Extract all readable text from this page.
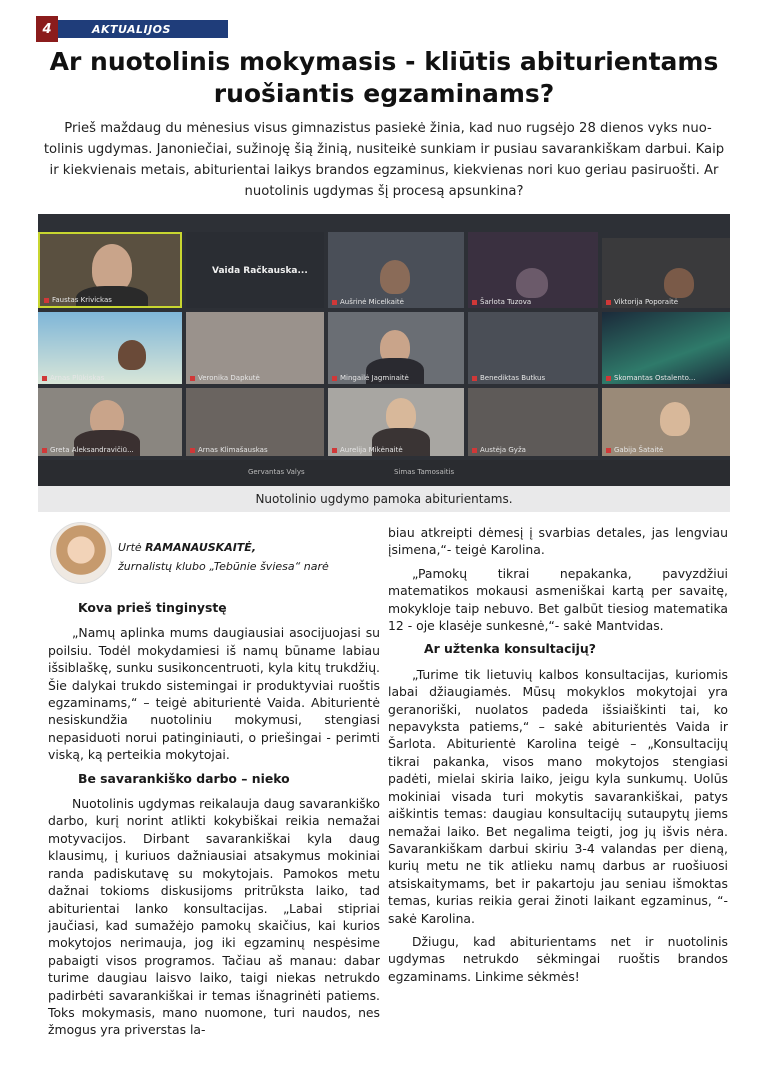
4	AKTUALIJOS
Ar nuotolinis mokymasis - kliūtis abiturientams
ruošiantis egzaminams?
Prieš maždaug du mėnesius visus gimnazistus pasiekė žinia, kad nuo rugsėjo 28 dienos vyks nuo-
tolinis ugdymas. Janoniečiai, sužinoję šią žinią, nusiteikė sunkiam ir pusiau savarankiškam darbui. Kaip
ir kiekvienais metais, abiturientai laikys brandos egzaminus, kiekvienas nori kuo geriau pasiruošti. Ar
nuotolinis ugdymas šį procesą apsunkina?
Faustas Krivickas	Aušrinė Micelkaitė	Šarlota Tuzova	Viktorija Poporaitė
Arnas Plūkiskas	Veronika Dapkutė	Mingailė Jagminaitė	Benediktas Butkus	Skomantas Ostalento...
Greta Aleksandravičiū...	Arnas Klimašauskas	Aurelija Mikėnaitė	Austėja Gyža	Gabija Šataitė
Gervantas Valys	Simas Tamosaitis
Vaida Račkauska...
Nuotolinio ugdymo pamoka abiturientams.
Urtė RAMANAUSKAITĖ,
žurnalistų klubo „Tebūnie šviesa“ narė
Kova prieš tinginystę

„Namų aplinka mums daugiausiai asocijuojasi su poilsiu. Todėl mokydamiesi iš namų būname labiau išsiblaškę, sunku susikoncentruoti, kyla kitų trukdžių. Šie dalykai trukdo sistemingai ir produktyviai ruoštis egzaminams,“ – teigė abiturientė Vaida. Abiturientė nesiskundžia nuotoliniu mokymusi, stengiasi nepasiduoti norui patinginiauti, o priešingai - perimti viską, ką perteikia mokytojai.

Be savarankiško darbo – nieko

Nuotolinis ugdymas reikalauja daug savarankiško darbo, kurį norint atlikti kokybiškai reikia nemažai motyvacijos. Dirbant savarankiškai kyla daug klausimų, į kuriuos dažniausiai atsakymus mokiniai randa padiskutavę su mokytojais. Pamokos metu dažnai tokioms diskusijoms pritrūksta laiko, tad abiturientai lanko konsultacijas. „Labai stipriai jaučiasi, kad sumažėjo pamokų skaičius, kai kurios mokytojos nerimauja, jog iki egzaminų nespėsime pabaigti visos programos. Tačiau aš manau: dabar turime daugiau laisvo laiko, taigi niekas netrukdo padirbėti savarankiškai ir temas išnagrinėti patiems. Toks mokymasis, mano nuomone, turi naudos, nes žmogus yra priverstas la-

biau atkreipti dėmesį į svarbias detales, jas lengviau įsimena,“- teigė Karolina.

„Pamokų tikrai nepakanka, pavyzdžiui matematikos mokausi asmeniškai kartą per savaitę, mokykloje taip nebuvo. Bet galbūt tiesiog matematika 12 - oje klasėje sunkesnė,“- sakė Mantvidas.

Ar užtenka konsultacijų?

„Turime tik lietuvių kalbos konsultacijas, kuriomis labai džiaugiamės. Mūsų mokyklos mokytojai yra geranoriški, nuolatos padeda išsiaiškinti tai, ko nepavyksta patiems,“ – sakė abiturientės Vaida ir Šarlota. Abiturientė Karolina teigė – „Konsultacijų tikrai pakanka, visos mano mokytojos stengiasi padėti, mielai skiria laiko, jeigu kyla sunkumų. Uolūs mokiniai visada turi mokytis savarankiškai, patys aiškintis temas: daugiau konsultacijų sutaupytų jiems nemažai laiko. Bet negalima teigti, jog jų išvis nėra. Savarankiškam darbui skiriu 3-4 valandas per dieną, kurių metu ne tik atlieku namų darbus ar ruošiuosi atsiskaitymams, bet ir pakartoju jau seniau išmoktas temas, kurias reikia gerai žinoti laikant egzaminus, “- sakė Karolina.

Džiugu, kad abiturientams net ir nuotolinis ugdymas netrukdo sėkmingai ruoštis brandos egzaminams. Linkime sėkmės!
